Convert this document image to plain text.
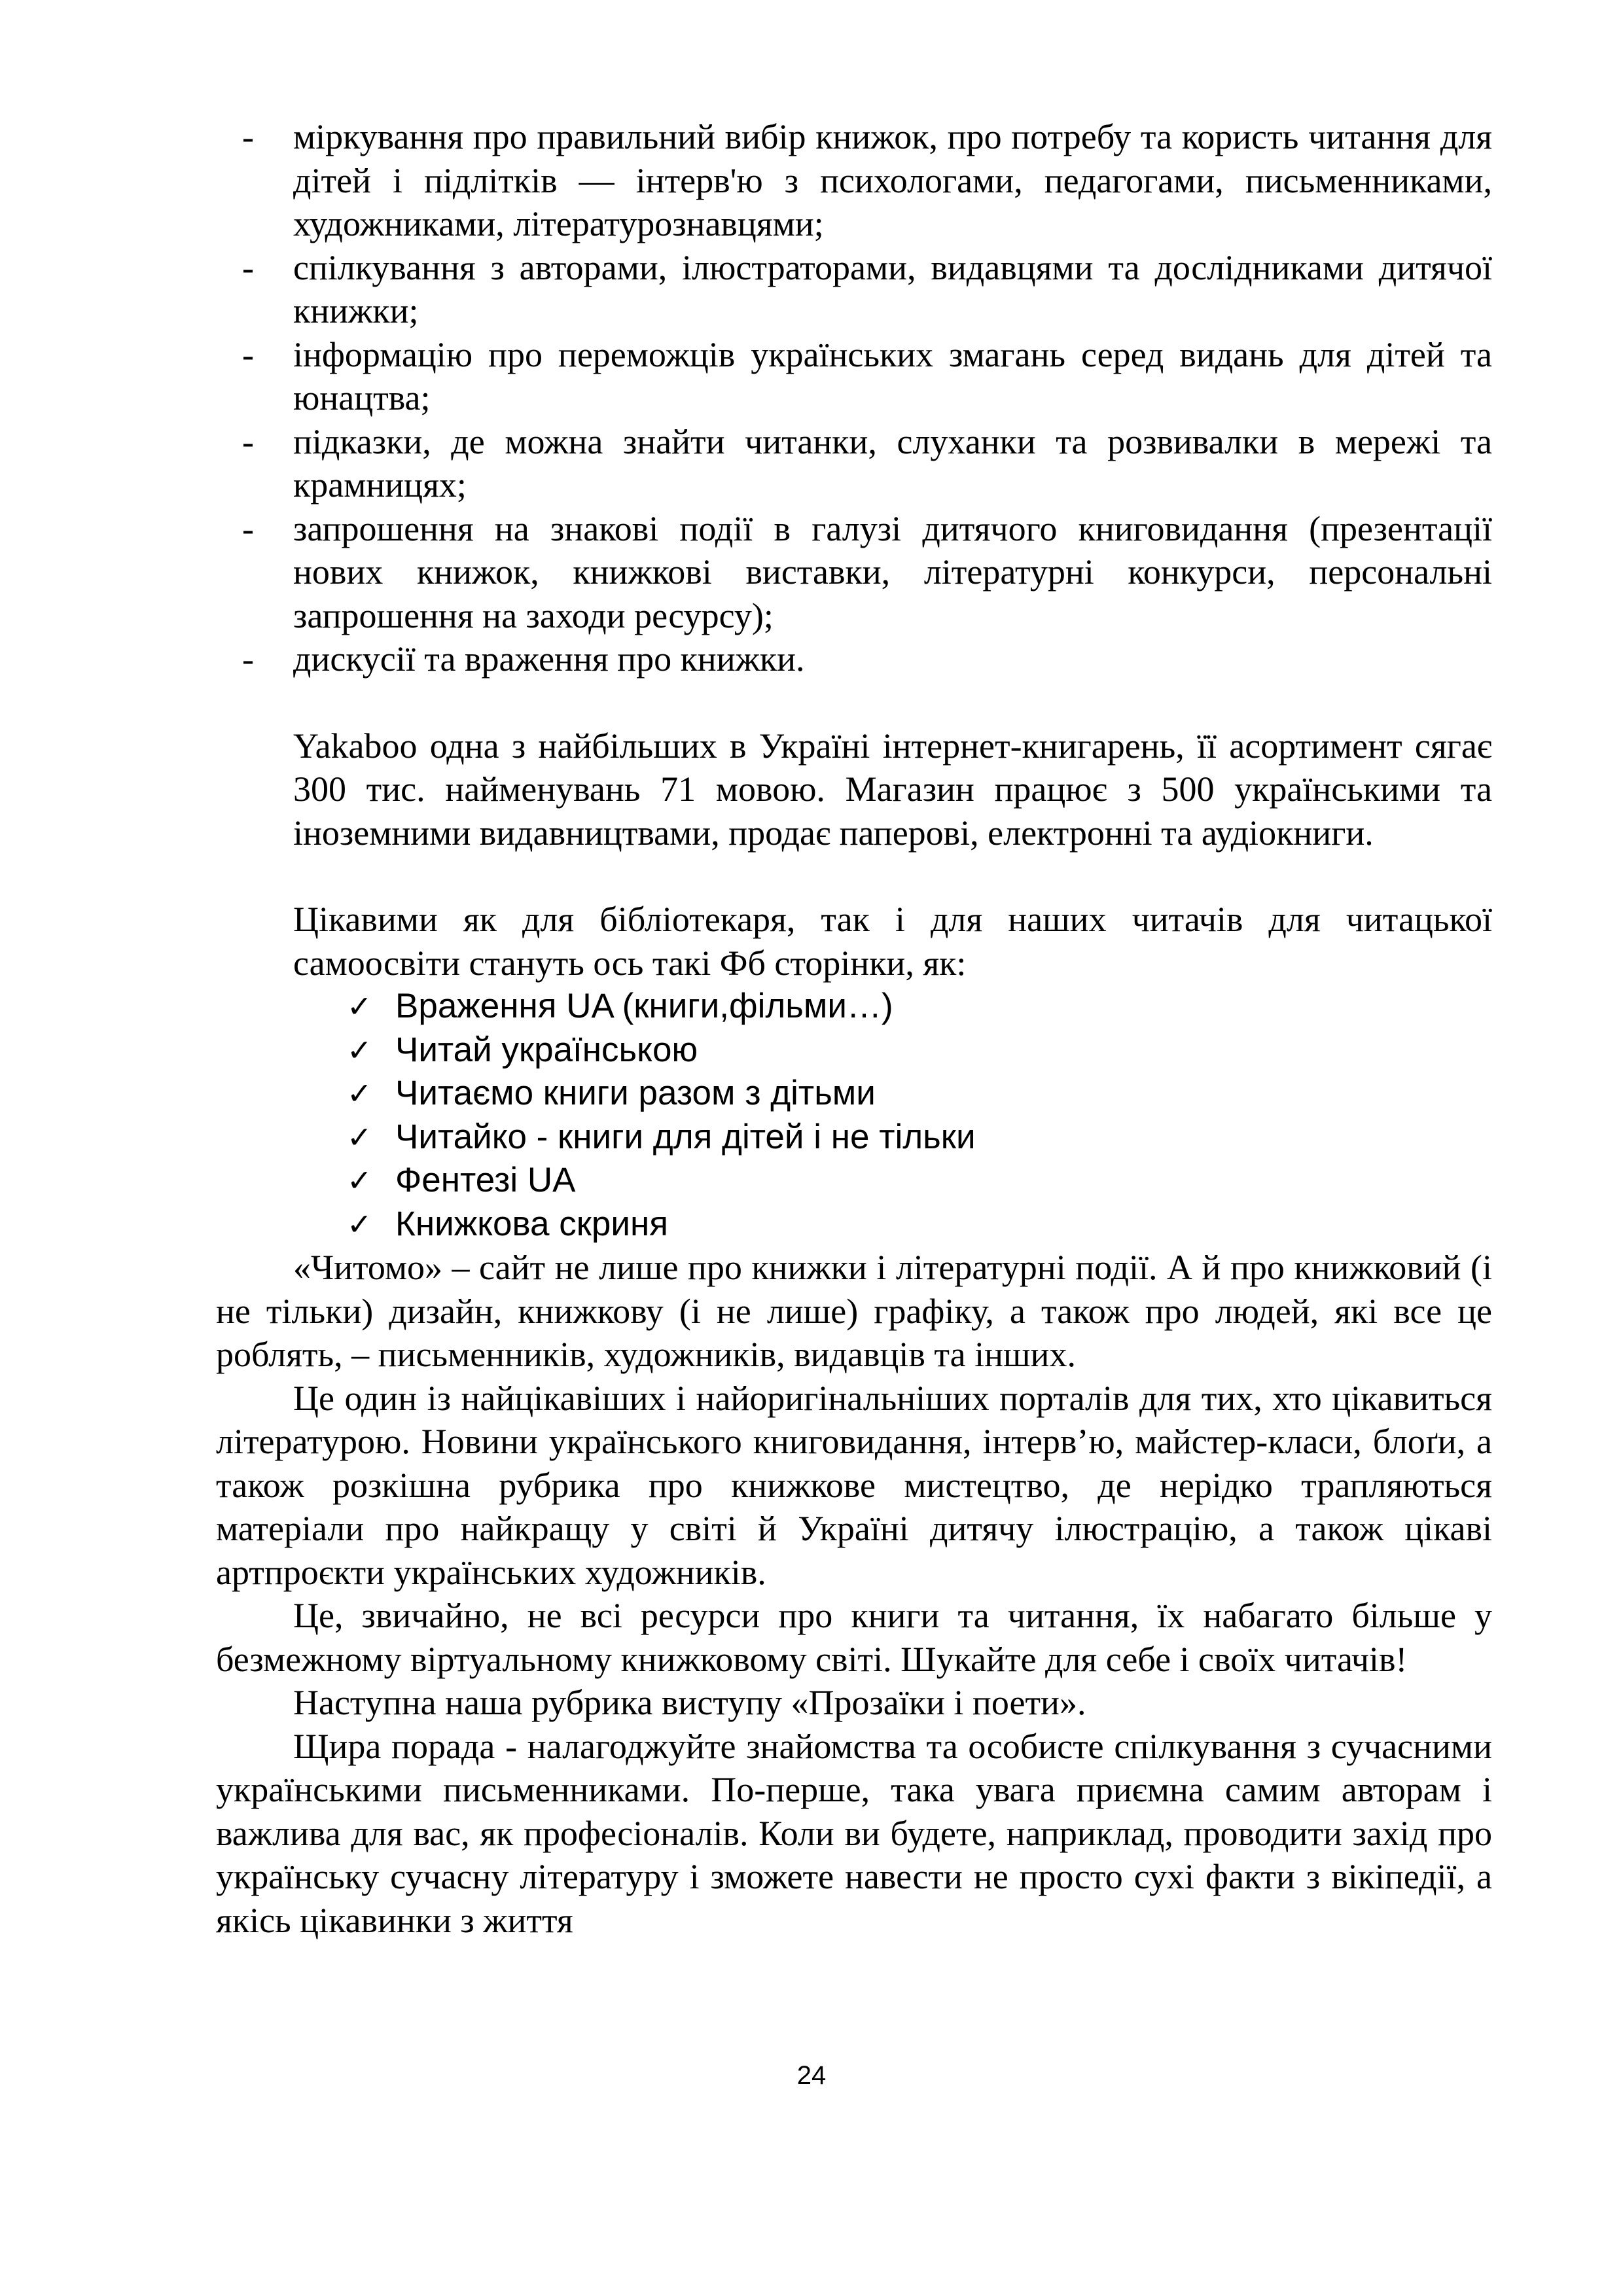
- міркування про правильний вибір книжок, про потребу та користь читання для дітей і підлітків — інтерв'ю з психологами, педагогами, письменниками, художниками, літературознавцями;
- спілкування з авторами, ілюстраторами, видавцями та дослідниками дитячої книжки;
- інформацію про переможців українських змагань серед видань для дітей та юнацтва;
- підказки, де можна знайти читанки, слуханки та розвивалки в мережі та крамницях;
- запрошення на знакові події в галузі дитячого книговидання (презентації нових книжок, книжкові виставки, літературні конкурси, персональні запрошення на заходи ресурсу);
- дискусії та враження про книжки.
Yakaboo одна з найбільших в Україні інтернет-книгарень, її асортимент сягає 300 тис. найменувань 71 мовою. Магазин працює з 500 українськими та іноземними видавництвами, продає паперові, електронні та аудіокниги.
Цікавими як для бібліотекаря, так і для наших читачів для читацької самоосвіти стануть ось такі Фб сторінки, як:
✓ Враження UA (книги,фільми…)
✓ Читай українською
✓ Читаємо книги разом з дітьми
✓ Читайко - книги для дітей і не тільки
✓ Фентезі UA
✓ Книжкова скриня
«Читомо» – сайт не лише про книжки і літературні події. А й про книжковий (і не тільки) дизайн, книжкову (і не лише) графіку, а також про людей, які все це роблять, – письменників, художників, видавців та інших.
Це один із найцікавіших і найоригінальніших порталів для тих, хто цікавиться літературою. Новини українського книговидання, інтерв’ю, майстер-класи, блоґи, а також розкішна рубрика про книжкове мистецтво, де нерідко трапляються матеріали про найкращу у світі й Україні дитячу ілюстрацію, а також цікаві артпроєкти українських художників.
Це, звичайно, не всі ресурси про книги та читання, їх набагато більше у безмежному віртуальному книжковому світі. Шукайте для себе і своїх читачів!
Наступна наша рубрика виступу «Прозаїки і поети».
Щира порада - налагоджуйте знайомства та особисте спілкування з сучасними українськими письменниками. По-перше, така увага приємна самим авторам і важлива для вас, як професіоналів. Коли ви будете, наприклад, проводити захід про українську сучасну літературу і зможете навести не просто сухі факти з вікіпедії, а якісь цікавинки з життя
24
